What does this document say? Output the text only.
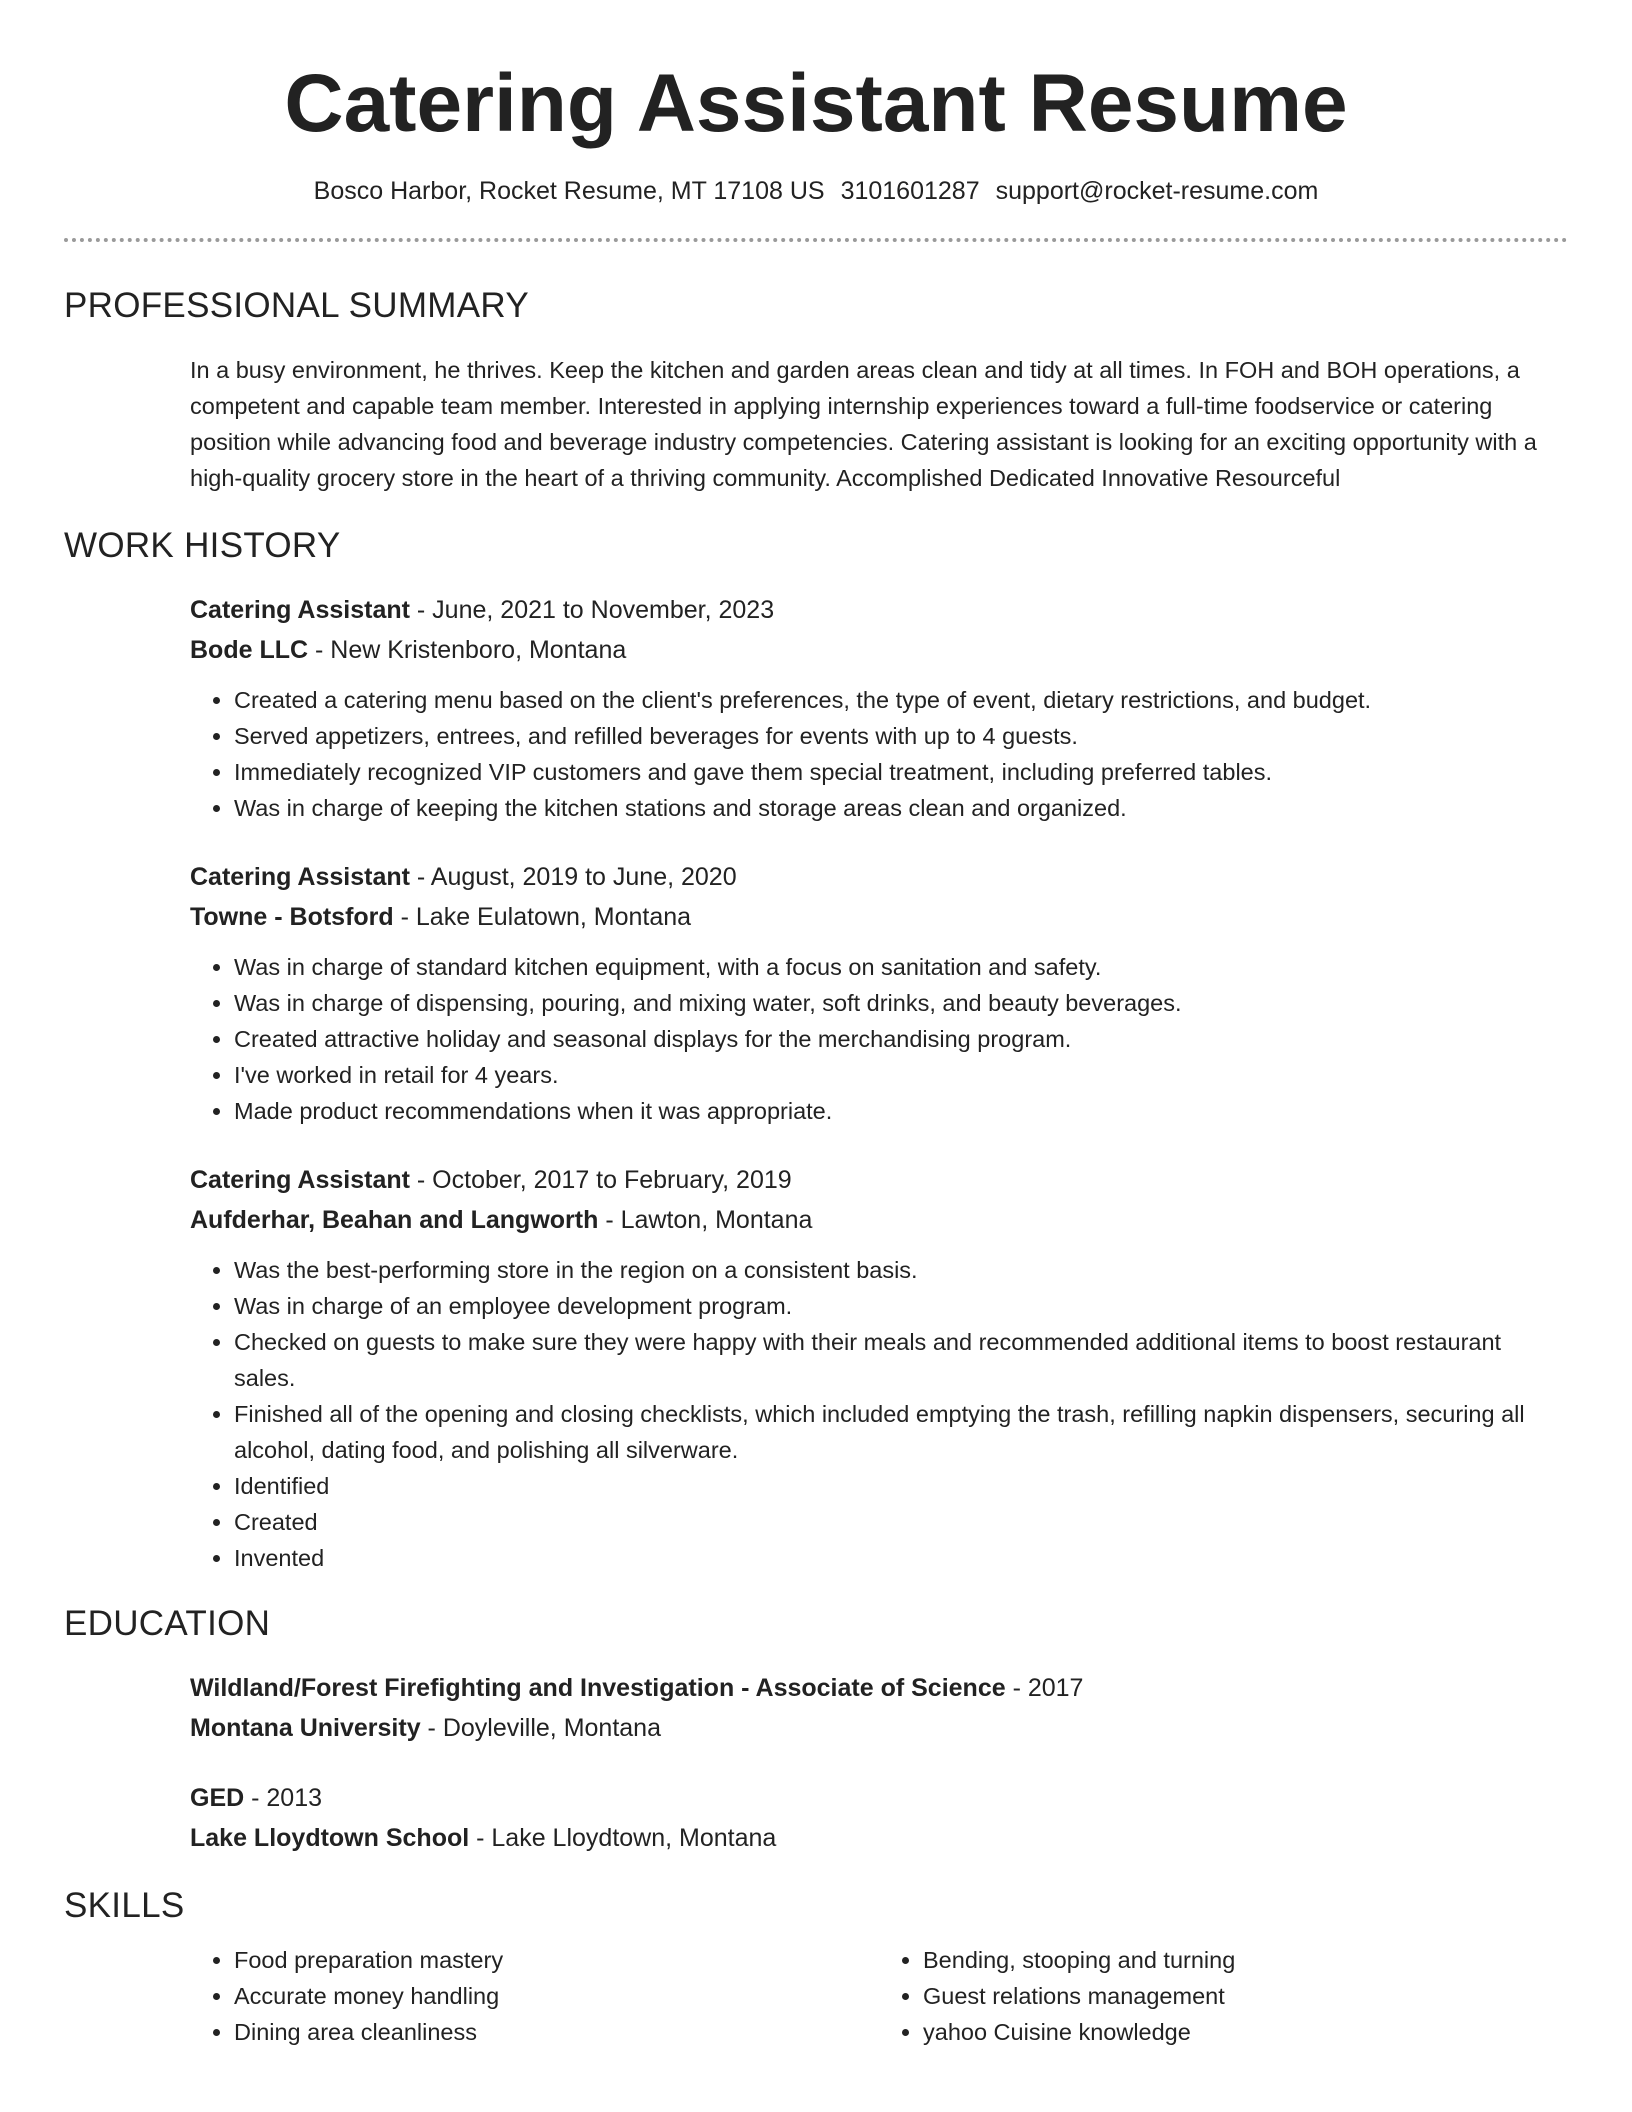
Catering Assistant Resume
Bosco Harbor, Rocket Resume, MT 17108 US 3101601287 support@rocket-resume.com
PROFESSIONAL SUMMARY
In a busy environment, he thrives. Keep the kitchen and garden areas clean and tidy at all times. In FOH and BOH operations, a competent and capable team member. Interested in applying internship experiences toward a full-time foodservice or catering position while advancing food and beverage industry competencies. Catering assistant is looking for an exciting opportunity with a high-quality grocery store in the heart of a thriving community. Accomplished Dedicated Innovative Resourceful
WORK HISTORY
Catering Assistant - June, 2021 to November, 2023
Bode LLC - New Kristenboro, Montana
• Created a catering menu based on the client's preferences, the type of event, dietary restrictions, and budget.
• Served appetizers, entrees, and refilled beverages for events with up to 4 guests.
• Immediately recognized VIP customers and gave them special treatment, including preferred tables.
• Was in charge of keeping the kitchen stations and storage areas clean and organized.
Catering Assistant - August, 2019 to June, 2020
Towne - Botsford - Lake Eulatown, Montana
• Was in charge of standard kitchen equipment, with a focus on sanitation and safety.
• Was in charge of dispensing, pouring, and mixing water, soft drinks, and beauty beverages.
• Created attractive holiday and seasonal displays for the merchandising program.
• I've worked in retail for 4 years.
• Made product recommendations when it was appropriate.
Catering Assistant - October, 2017 to February, 2019
Aufderhar, Beahan and Langworth - Lawton, Montana
• Was the best-performing store in the region on a consistent basis.
• Was in charge of an employee development program.
• Checked on guests to make sure they were happy with their meals and recommended additional items to boost restaurant sales.
• Finished all of the opening and closing checklists, which included emptying the trash, refilling napkin dispensers, securing all alcohol, dating food, and polishing all silverware.
• Identified
• Created
• Invented
EDUCATION
Wildland/Forest Firefighting and Investigation - Associate of Science - 2017
Montana University - Doyleville, Montana
GED - 2013
Lake Lloydtown School - Lake Lloydtown, Montana
SKILLS
• Food preparation mastery
• Accurate money handling
• Dining area cleanliness
• Bending, stooping and turning
• Guest relations management
• yahoo Cuisine knowledge
